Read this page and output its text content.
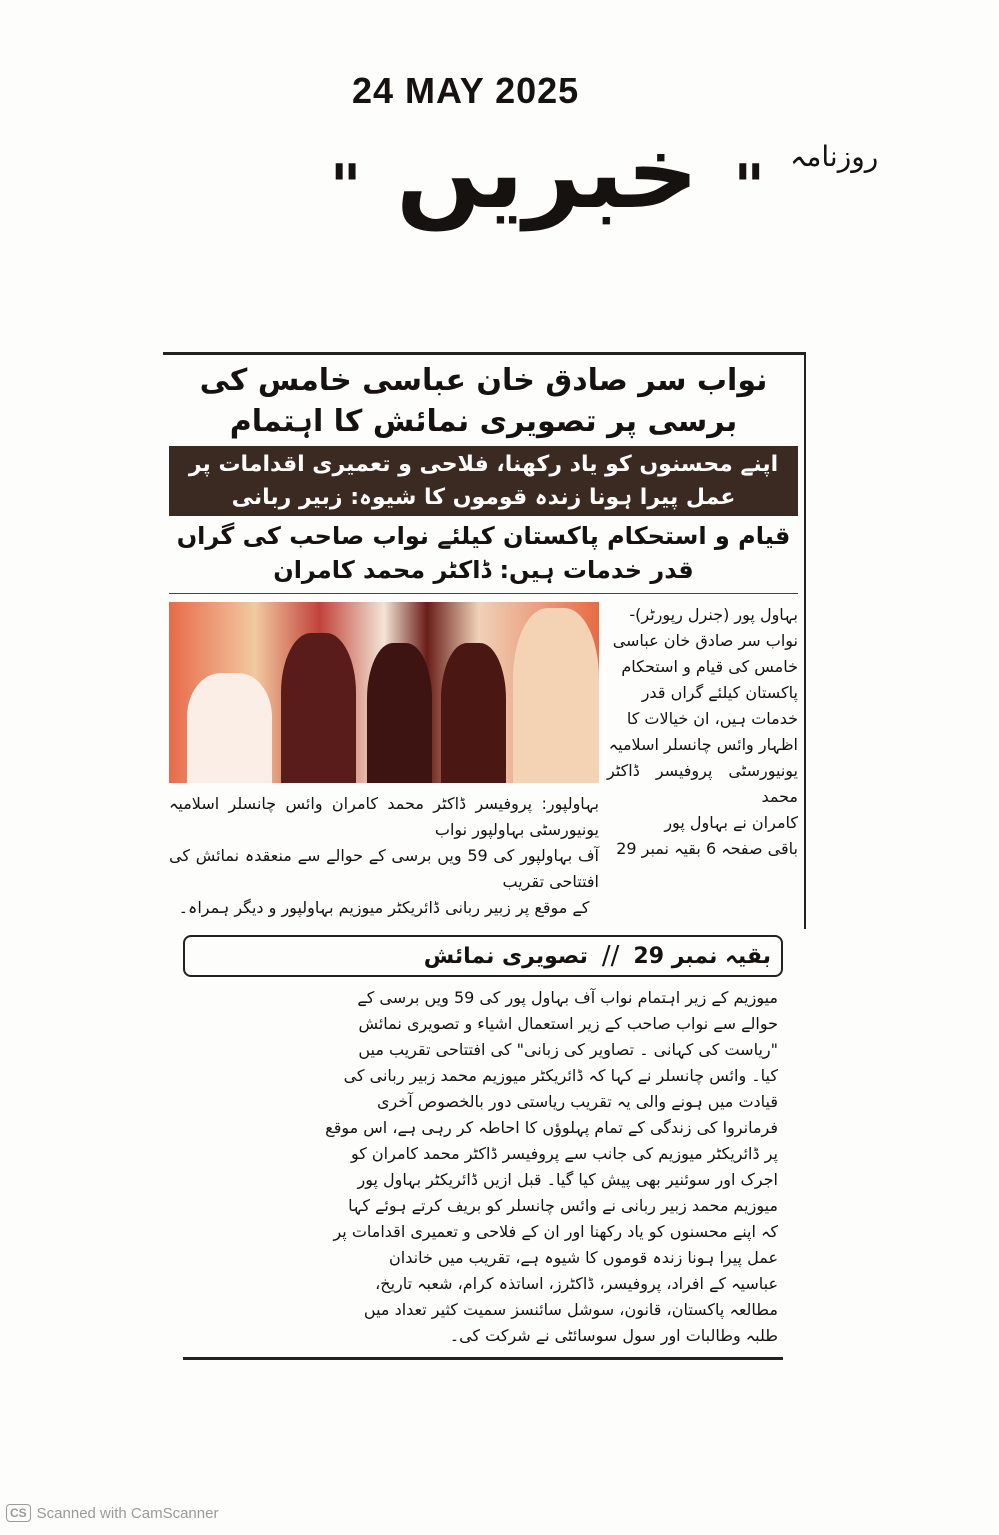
24 MAY 2025
" خبریں "	روزنامہ
نواب سر صادق خان عباسی خامس کی برسی پر تصویری نمائش کا اہتمام
اپنے محسنوں کو یاد رکھنا، فلاحی و تعمیری اقدامات پر عمل پیرا ہونا زندہ قوموں کا شیوہ: زبیر ربانی
قیام و استحکام پاکستان کیلئے نواب صاحب کی گراں قدر خدمات ہیں: ڈاکٹر محمد کامران
بہاولپور: پروفیسر ڈاکٹر محمد کامران وائس چانسلر اسلامیہ یونیورسٹی بہاولپور نواب
آف بہاولپور کی 59 ویں برسی کے حوالے سے منعقدہ نمائش کی افتتاحی تقریب
کے موقع پر زبیر ربانی ڈائریکٹر میوزیم بہاولپور و دیگر ہمراہ۔
بہاول پور (جنرل رپورٹر)-
نواب سر صادق خان عباسی
خامس کی قیام و استحکام
پاکستان کیلئے گراں قدر
خدمات ہیں، ان خیالات کا
اظہار وائس چانسلر اسلامیہ
یونیورسٹی پروفیسر ڈاکٹر محمد
کامران نے بہاول پور
باقی صفحہ 6 بقیہ نمبر 29
بقیہ نمبر 29
//
تصویری نمائش
میوزیم کے زیر اہتمام نواب آف بہاول پور کی 59 ویں برسی کے
حوالے سے نواب صاحب کے زیر استعمال اشیاء و تصویری نمائش
"ریاست کی کہانی ۔ تصاویر کی زبانی" کی افتتاحی تقریب میں
کیا۔ وائس چانسلر نے کہا کہ ڈائریکٹر میوزیم محمد زبیر ربانی کی
قیادت میں ہونے والی یہ تقریب ریاستی دور بالخصوص آخری
فرمانروا کی زندگی کے تمام پہلوؤں کا احاطہ کر رہی ہے، اس موقع
پر ڈائریکٹر میوزیم کی جانب سے پروفیسر ڈاکٹر محمد کامران کو
اجرک اور سوئنیر بھی پیش کیا گیا۔ قبل ازیں ڈائریکٹر بہاول پور
میوزیم محمد زبیر ربانی نے وائس چانسلر کو بریف کرتے ہوئے کہا
کہ اپنے محسنوں کو یاد رکھنا اور ان کے فلاحی و تعمیری اقدامات پر
عمل پیرا ہونا زندہ قوموں کا شیوہ ہے، تقریب میں خاندان
عباسیہ کے افراد، پروفیسر، ڈاکٹرز، اساتذہ کرام، شعبہ تاریخ،
مطالعہ پاکستان، قانون، سوشل سائنسز سمیت کثیر تعداد میں
طلبہ وطالبات اور سول سوسائٹی نے شرکت کی۔
CS Scanned with CamScanner
